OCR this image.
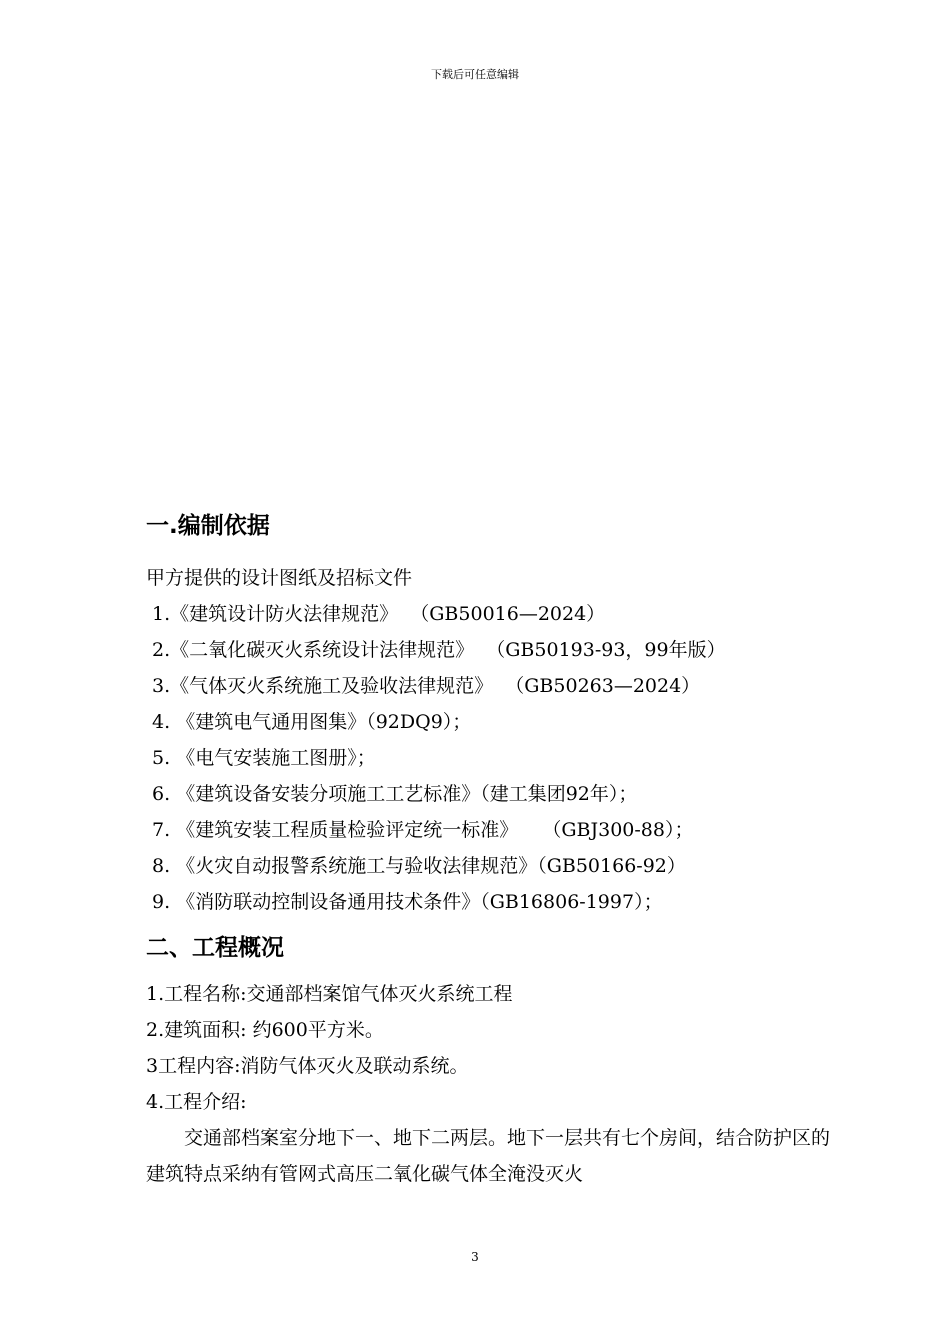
下载后可任意编辑
一.编制依据
甲方提供的设计图纸及招标文件
1.《建筑设计防火法律规范》  （GB50016—2024）
2.《二氧化碳灭火系统设计法律规范》  （GB50193-93，99年版）
3.《气体灭火系统施工及验收法律规范》  （GB50263—2024）
4. 《建筑电气通用图集》（92DQ9）；
5. 《电气安装施工图册》；
6. 《建筑设备安装分项施工工艺标准》（建工集团92年）；
7. 《建筑安装工程质量检验评定统一标准》    （GBJ300-88）；
8. 《火灾自动报警系统施工与验收法律规范》（GB50166-92）
9. 《消防联动控制设备通用技术条件》（GB16806-1997）；
二、工程概况
1.工程名称:交通部档案馆气体灭火系统工程
2.建筑面积: 约600平方米。
3工程内容:消防气体灭火及联动系统。
4.工程介绍:
交通部档案室分地下一、地下二两层。地下一层共有七个房间，结合防护区的建筑特点采纳有管网式高压二氧化碳气体全淹没灭火
3
